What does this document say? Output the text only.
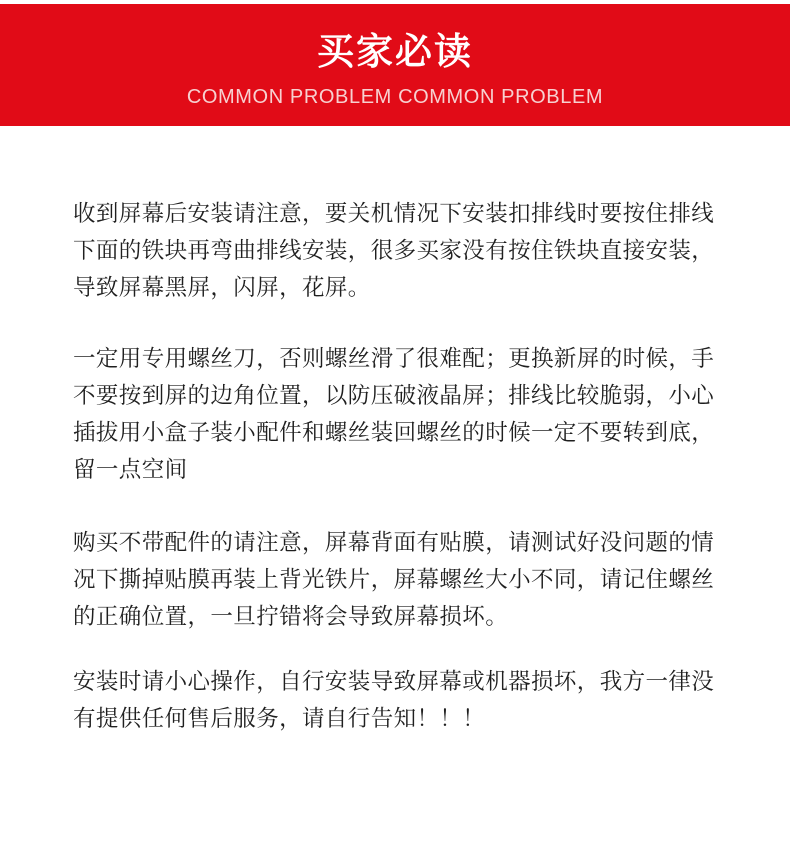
买家必读
COMMON PROBLEM COMMON PROBLEM

收到屏幕后安装请注意，要关机情况下安装扣排线时要按住排线下面的铁块再弯曲排线安装，很多买家没有按住铁块直接安装，导致屏幕黑屏，闪屏，花屏。

一定用专用螺丝刀，否则螺丝滑了很难配；更换新屏的时候，手不要按到屏的边角位置，以防压破液晶屏；排线比较脆弱，小心插拔用小盒子装小配件和螺丝装回螺丝的时候一定不要转到底，留一点空间

购买不带配件的请注意，屏幕背面有贴膜，请测试好没问题的情况下撕掉贴膜再装上背光铁片，屏幕螺丝大小不同，请记住螺丝的正确位置，一旦拧错将会导致屏幕损坏。

安装时请小心操作，自行安装导致屏幕或机器损坏，我方一律没有提供任何售后服务，请自行告知！！！
